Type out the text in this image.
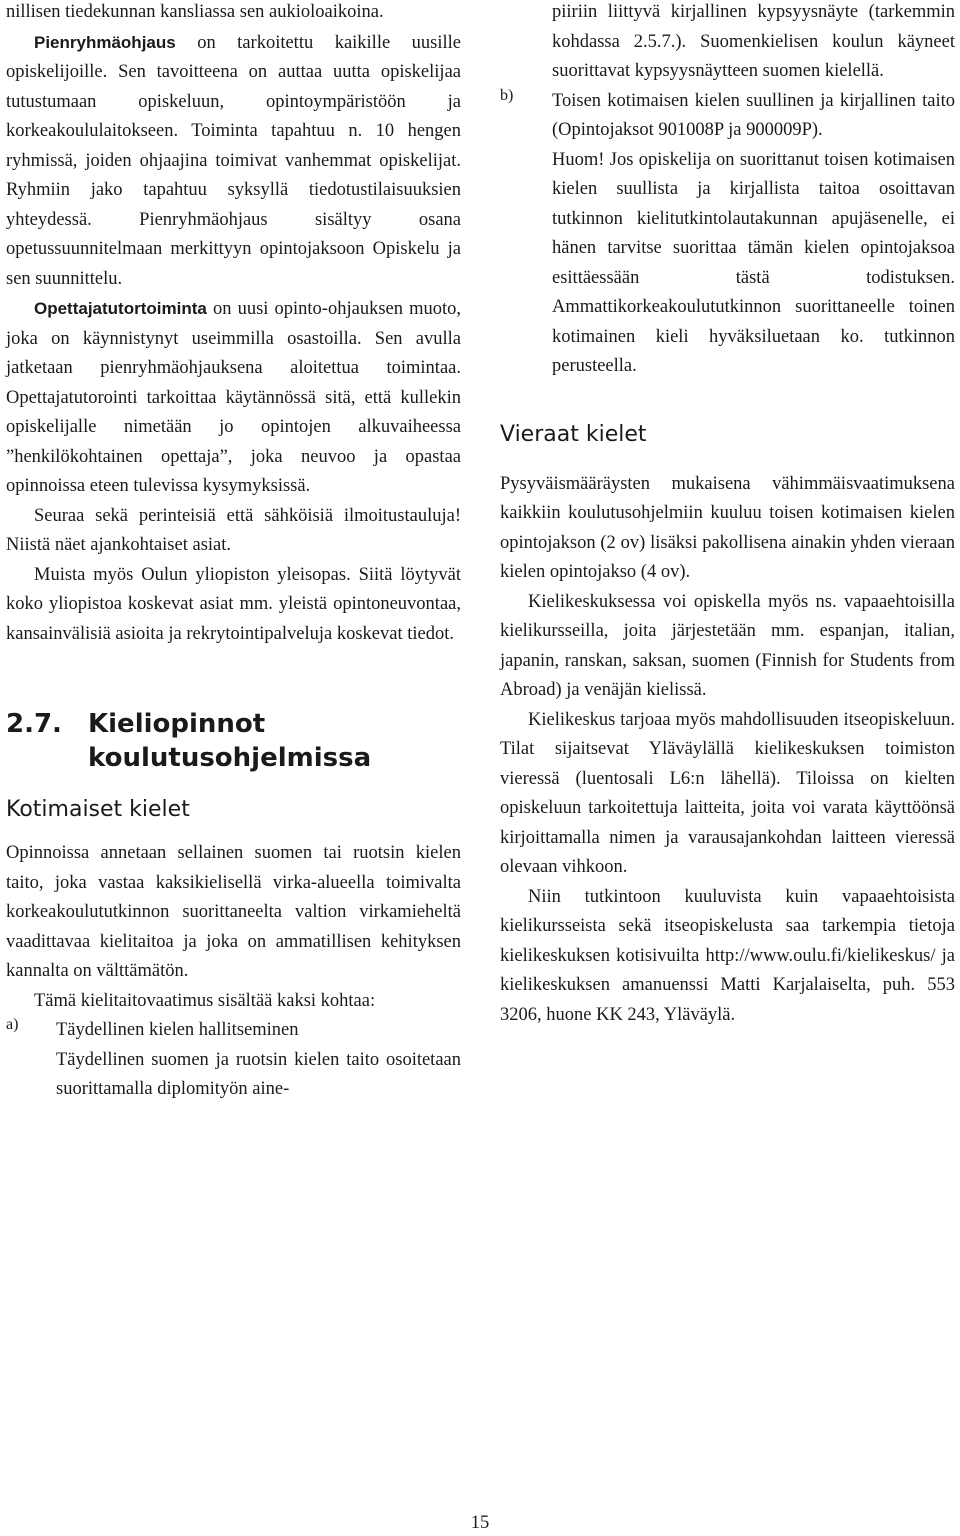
nillisen tiedekunnan kansliassa sen aukioloaikoina.

Pienryhmäohjaus on tarkoitettu kaikille uusille opiskelijoille. Sen tavoitteena on auttaa uutta opiskelijaa tutustumaan opiskeluun, opintoympäristöön ja korkeakoululaitokseen. Toiminta tapahtuu n. 10 hengen ryhmissä, joiden ohjaajina toimivat vanhemmat opiskelijat. Ryhmiin jako tapahtuu syksyllä tiedotustilaisuuksien yhteydessä. Pienryhmäohjaus sisältyy osana opetussuunnitelmaan merkittyyn opintojaksoon Opiskelu ja sen suunnittelu.

Opettajatutortoiminta on uusi opinto-ohjauksen muoto, joka on käynnistynyt useimmilla osastoilla. Sen avulla jatketaan pienryhmäohjauksena aloitettua toimintaa. Opettajatutorointi tarkoittaa käytännössä sitä, että kullekin opiskelijalle nimetään jo opintojen alkuvaiheessa ”henkilökohtainen opettaja”, joka neuvoo ja opastaa opinnoissa eteen tulevissa kysymyksissä.

Seuraa sekä perinteisiä että sähköisiä ilmoitustauluja! Niistä näet ajankohtaiset asiat.

Muista myös Oulun yliopiston yleisopas. Siitä löytyvät koko yliopistoa koskevat asiat mm. yleistä opintoneuvontaa, kansainvälisiä asioita ja rekrytointipalveluja koskevat tiedot.

2.7. Kieliopinnot koulutusohjelmissa
Kotimaiset kielet

Opinnoissa annetaan sellainen suomen tai ruotsin kielen taito, joka vastaa kaksikielisellä virka-alueella toimivalta korkeakoulututkinnon suorittaneelta valtion virkamieheltä vaadittavaa kielitaitoa ja joka on ammatillisen kehityksen kannalta on välttämätön.

Tämä kielitaitovaatimus sisältää kaksi kohtaa:

a) Täydellinen kielen hallitseminen

Täydellinen suomen ja ruotsin kielen taito osoitetaan suorittamalla diplomityön aine-

piiriin liittyvä kirjallinen kypsyysnäyte (tarkemmin kohdassa 2.5.7.). Suomenkielisen koulun käyneet suorittavat kypsyysnäytteen suomen kielellä.

b) Toisen kotimaisen kielen suullinen ja kirjallinen taito (Opintojaksot 901008P ja 900009P).

Huom! Jos opiskelija on suorittanut toisen kotimaisen kielen suullista ja kirjallista taitoa osoittavan tutkinnon kielitutkintolautakunnan apujäsenelle, ei hänen tarvitse suorittaa tämän kielen opintojaksoa esittäessään tästä todistuksen. Ammattikorkeakoulututkinnon suorittaneelle toinen kotimainen kieli hyväksiluetaan ko. tutkinnon perusteella.

Vieraat kielet

Pysyväismääräysten mukaisena vähimmäisvaatimuksena kaikkiin koulutusohjelmiin kuuluu toisen kotimaisen kielen opintojakson (2 ov) lisäksi pakollisena ainakin yhden vieraan kielen opintojakso (4 ov).

Kielikeskuksessa voi opiskella myös ns. vapaaehtoisilla kielikursseilla, joita järjestetään mm. espanjan, italian, japanin, ranskan, saksan, suomen (Finnish for Students from Abroad) ja venäjän kielissä.

Kielikeskus tarjoaa myös mahdollisuuden itseopiskeluun. Tilat sijaitsevat Yläväylällä kielikeskuksen toimiston vieressä (luentosali L6:n lähellä). Tiloissa on kielten opiskeluun tarkoitettuja laitteita, joita voi varata käyttöönsä kirjoittamalla nimen ja varausajankohdan laitteen vieressä olevaan vihkoon.

Niin tutkintoon kuuluvista kuin vapaaehtoisista kielikursseista sekä itseopiskelusta saa tarkempia tietoja kielikeskuksen kotisivuilta http://www.oulu.fi/kielikeskus/ ja kielikeskuksen amanuenssi Matti Karjalaiselta, puh. 553 3206, huone KK 243, Yläväylä.

15
